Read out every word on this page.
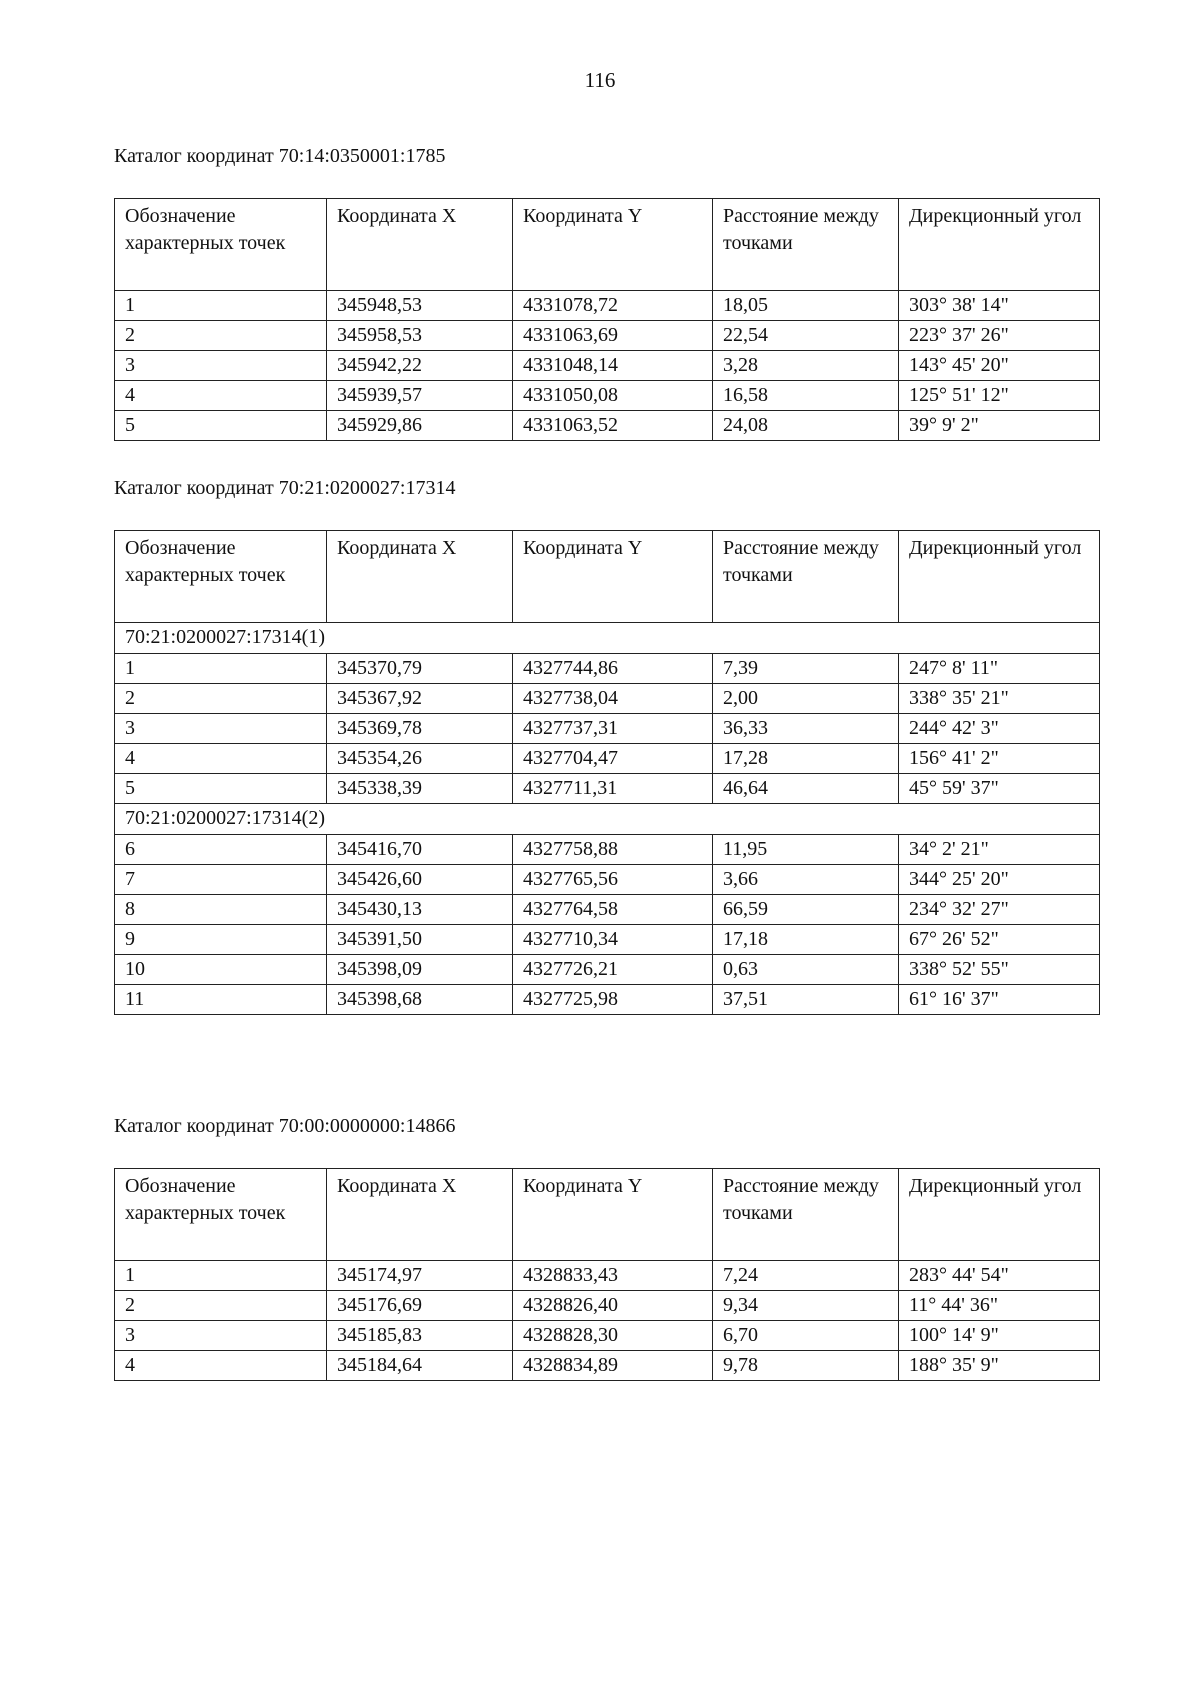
116
Каталог координат 70:14:0350001:1785
Обозначение характерных точек	Координата X	Координата Y	Расстояние между точками	Дирекционный угол
1	345948,53	4331078,72	18,05	303° 38' 14"
2	345958,53	4331063,69	22,54	223° 37' 26"
3	345942,22	4331048,14	3,28	143° 45' 20"
4	345939,57	4331050,08	16,58	125° 51' 12"
5	345929,86	4331063,52	24,08	39° 9' 2"
Каталог координат 70:21:0200027:17314
Обозначение характерных точек	Координата X	Координата Y	Расстояние между точками	Дирекционный угол
70:21:0200027:17314(1)				
1	345370,79	4327744,86	7,39	247° 8' 11"
2	345367,92	4327738,04	2,00	338° 35' 21"
3	345369,78	4327737,31	36,33	244° 42' 3"
4	345354,26	4327704,47	17,28	156° 41' 2"
5	345338,39	4327711,31	46,64	45° 59' 37"
70:21:0200027:17314(2)				
6	345416,70	4327758,88	11,95	34° 2' 21"
7	345426,60	4327765,56	3,66	344° 25' 20"
8	345430,13	4327764,58	66,59	234° 32' 27"
9	345391,50	4327710,34	17,18	67° 26' 52"
10	345398,09	4327726,21	0,63	338° 52' 55"
11	345398,68	4327725,98	37,51	61° 16' 37"
Каталог координат 70:00:0000000:14866
Обозначение характерных точек	Координата X	Координата Y	Расстояние между точками	Дирекционный угол
1	345174,97	4328833,43	7,24	283° 44' 54"
2	345176,69	4328826,40	9,34	11° 44' 36"
3	345185,83	4328828,30	6,70	100° 14' 9"
4	345184,64	4328834,89	9,78	188° 35' 9"
